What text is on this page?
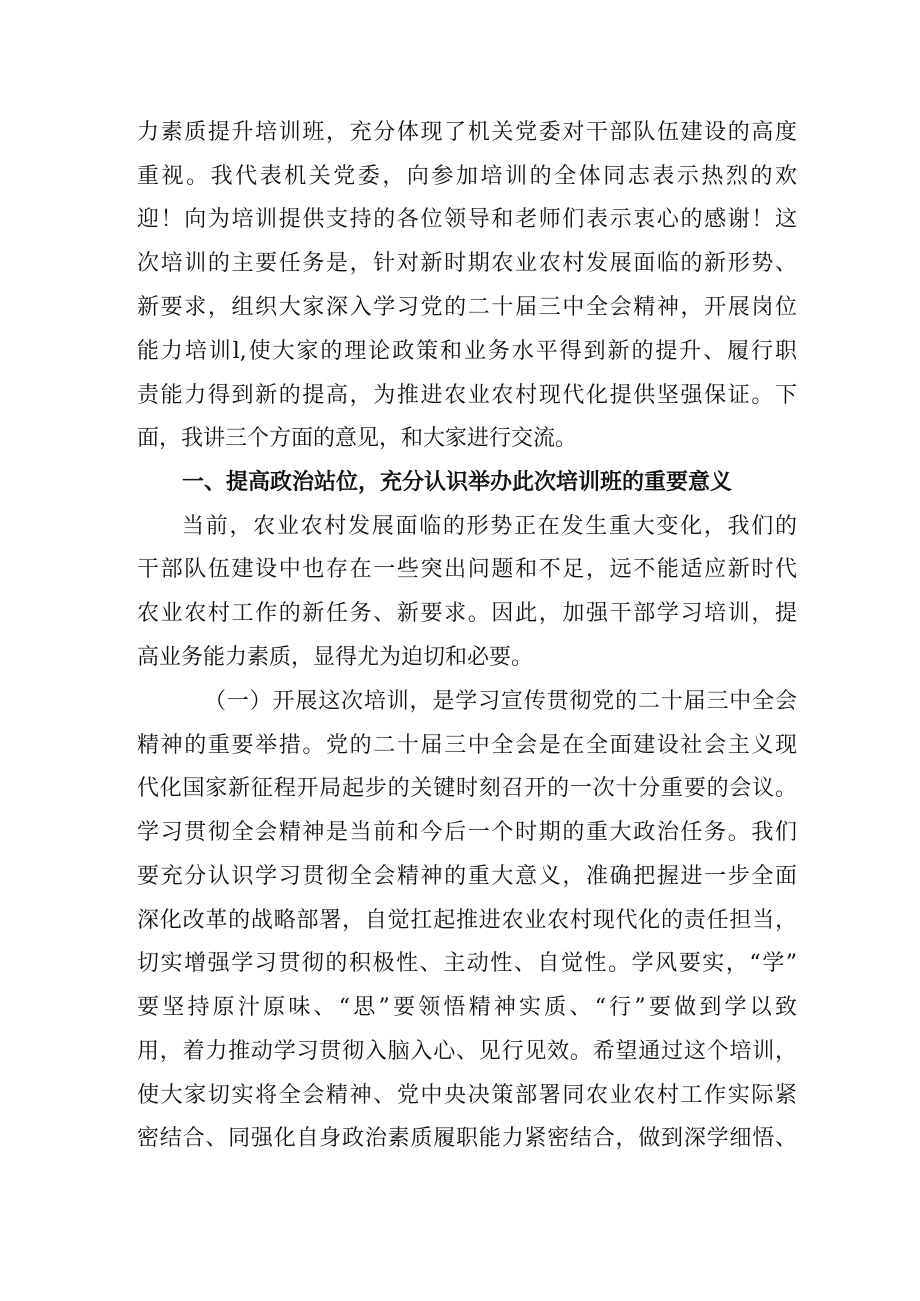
力素质提升培训班，充分体现了机关党委对干部队伍建设的高度
重视。我代表机关党委，向参加培训的全体同志表示热烈的欢
迎！向为培训提供支持的各位领导和老师们表示衷心的感谢！这
次培训的主要任务是，针对新时期农业农村发展面临的新形势、
新要求，组织大家深入学习党的二十届三中全会精神，开展岗位
能力培训l,使大家的理论政策和业务水平得到新的提升、履行职
责能力得到新的提高，为推进农业农村现代化提供坚强保证。下
面，我讲三个方面的意见，和大家进行交流。
一、提高政治站位，充分认识举办此次培训班的重要意义
当前，农业农村发展面临的形势正在发生重大变化，我们的
干部队伍建设中也存在一些突出问题和不足，远不能适应新时代
农业农村工作的新任务、新要求。因此，加强干部学习培训，提
高业务能力素质，显得尤为迫切和必要。
（一）开展这次培训，是学习宣传贯彻党的二十届三中全会
精神的重要举措。党的二十届三中全会是在全面建设社会主义现
代化国家新征程开局起步的关键时刻召开的一次十分重要的会议。
学习贯彻全会精神是当前和今后一个时期的重大政治任务。我们
要充分认识学习贯彻全会精神的重大意义，准确把握进一步全面
深化改革的战略部署，自觉扛起推进农业农村现代化的责任担当，
切实增强学习贯彻的积极性、主动性、自觉性。学风要实，“学”
要坚持原汁原味、“思”要领悟精神实质、“行”要做到学以致
用，着力推动学习贯彻入脑入心、见行见效。希望通过这个培训，
使大家切实将全会精神、党中央决策部署同农业农村工作实际紧
密结合、同强化自身政治素质履职能力紧密结合，做到深学细悟、
